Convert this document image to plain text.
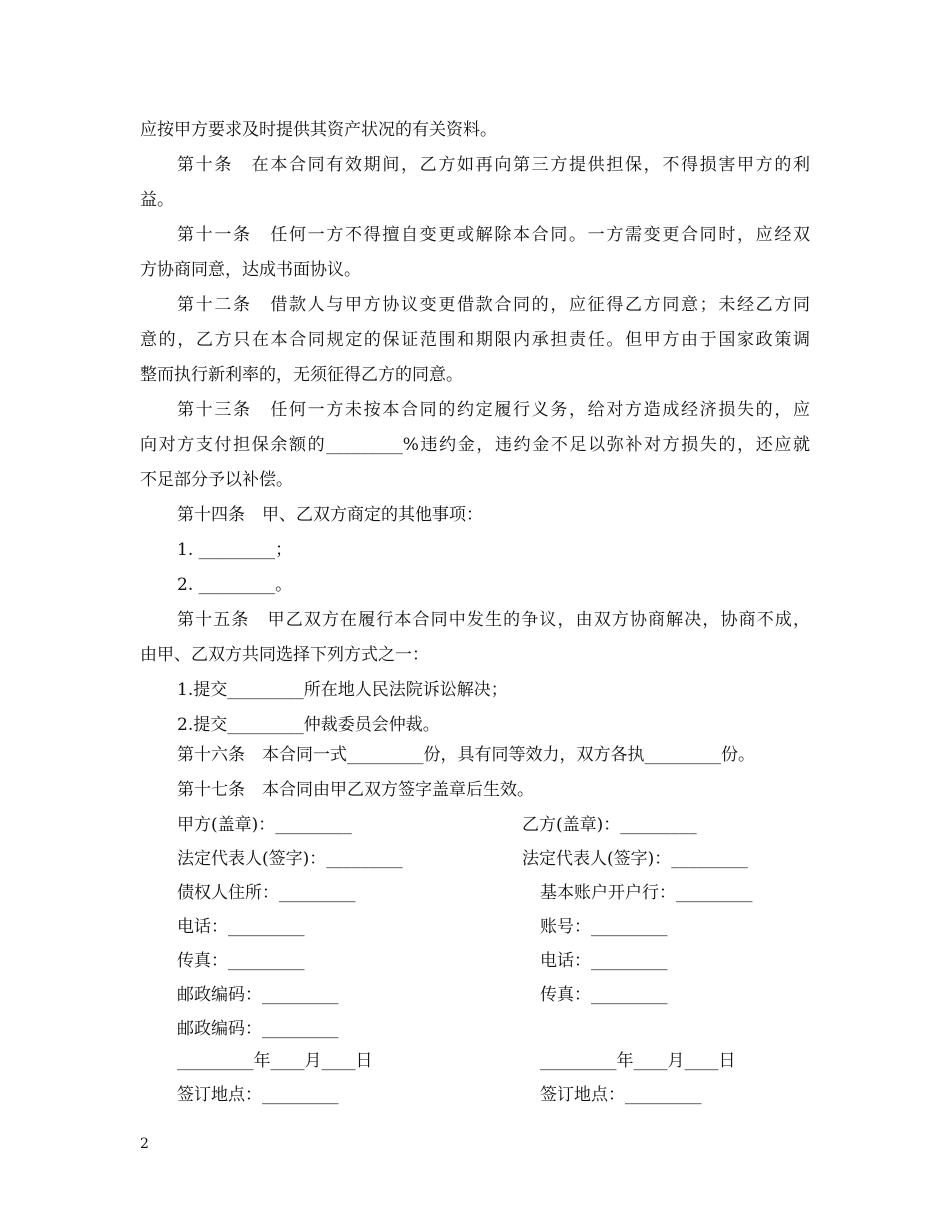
应按甲方要求及时提供其资产状况的有关资料。
第十条　在本合同有效期间，乙方如再向第三方提供担保，不得损害甲方的利
益。
第十一条　任何一方不得擅自变更或解除本合同。一方需变更合同时，应经双
方协商同意，达成书面协议。
第十二条　借款人与甲方协议变更借款合同的，应征得乙方同意；未经乙方同
意的，乙方只在本合同规定的保证范围和期限内承担责任。但甲方由于国家政策调
整而执行新利率的，无须征得乙方的同意。
第十三条　任何一方未按本合同的约定履行义务，给对方造成经济损失的，应
向对方支付担保余额的_________%违约金，违约金不足以弥补对方损失的，还应就
不足部分予以补偿。
第十四条　甲、乙双方商定的其他事项：
1. _________；
2. _________。
第十五条　甲乙双方在履行本合同中发生的争议，由双方协商解决，协商不成，
由甲、乙双方共同选择下列方式之一：
1.提交_________所在地人民法院诉讼解决；
2.提交_________仲裁委员会仲裁。
第十六条　本合同一式_________份，具有同等效力，双方各执_________份。
第十七条　本合同由甲乙双方签字盖章后生效。
甲方(盖章)：_________
法定代表人(签字)：_________
债权人住所：_________
电话：_________
传真：_________
邮政编码：_________
邮政编码：_________
_________年____月____日
签订地点：_________
乙方(盖章)：_________
法定代表人(签字)：_________
基本账户开户行：_________
账号：_________
电话：_________
传真：_________
_________年____月____日
签订地点：_________
2
